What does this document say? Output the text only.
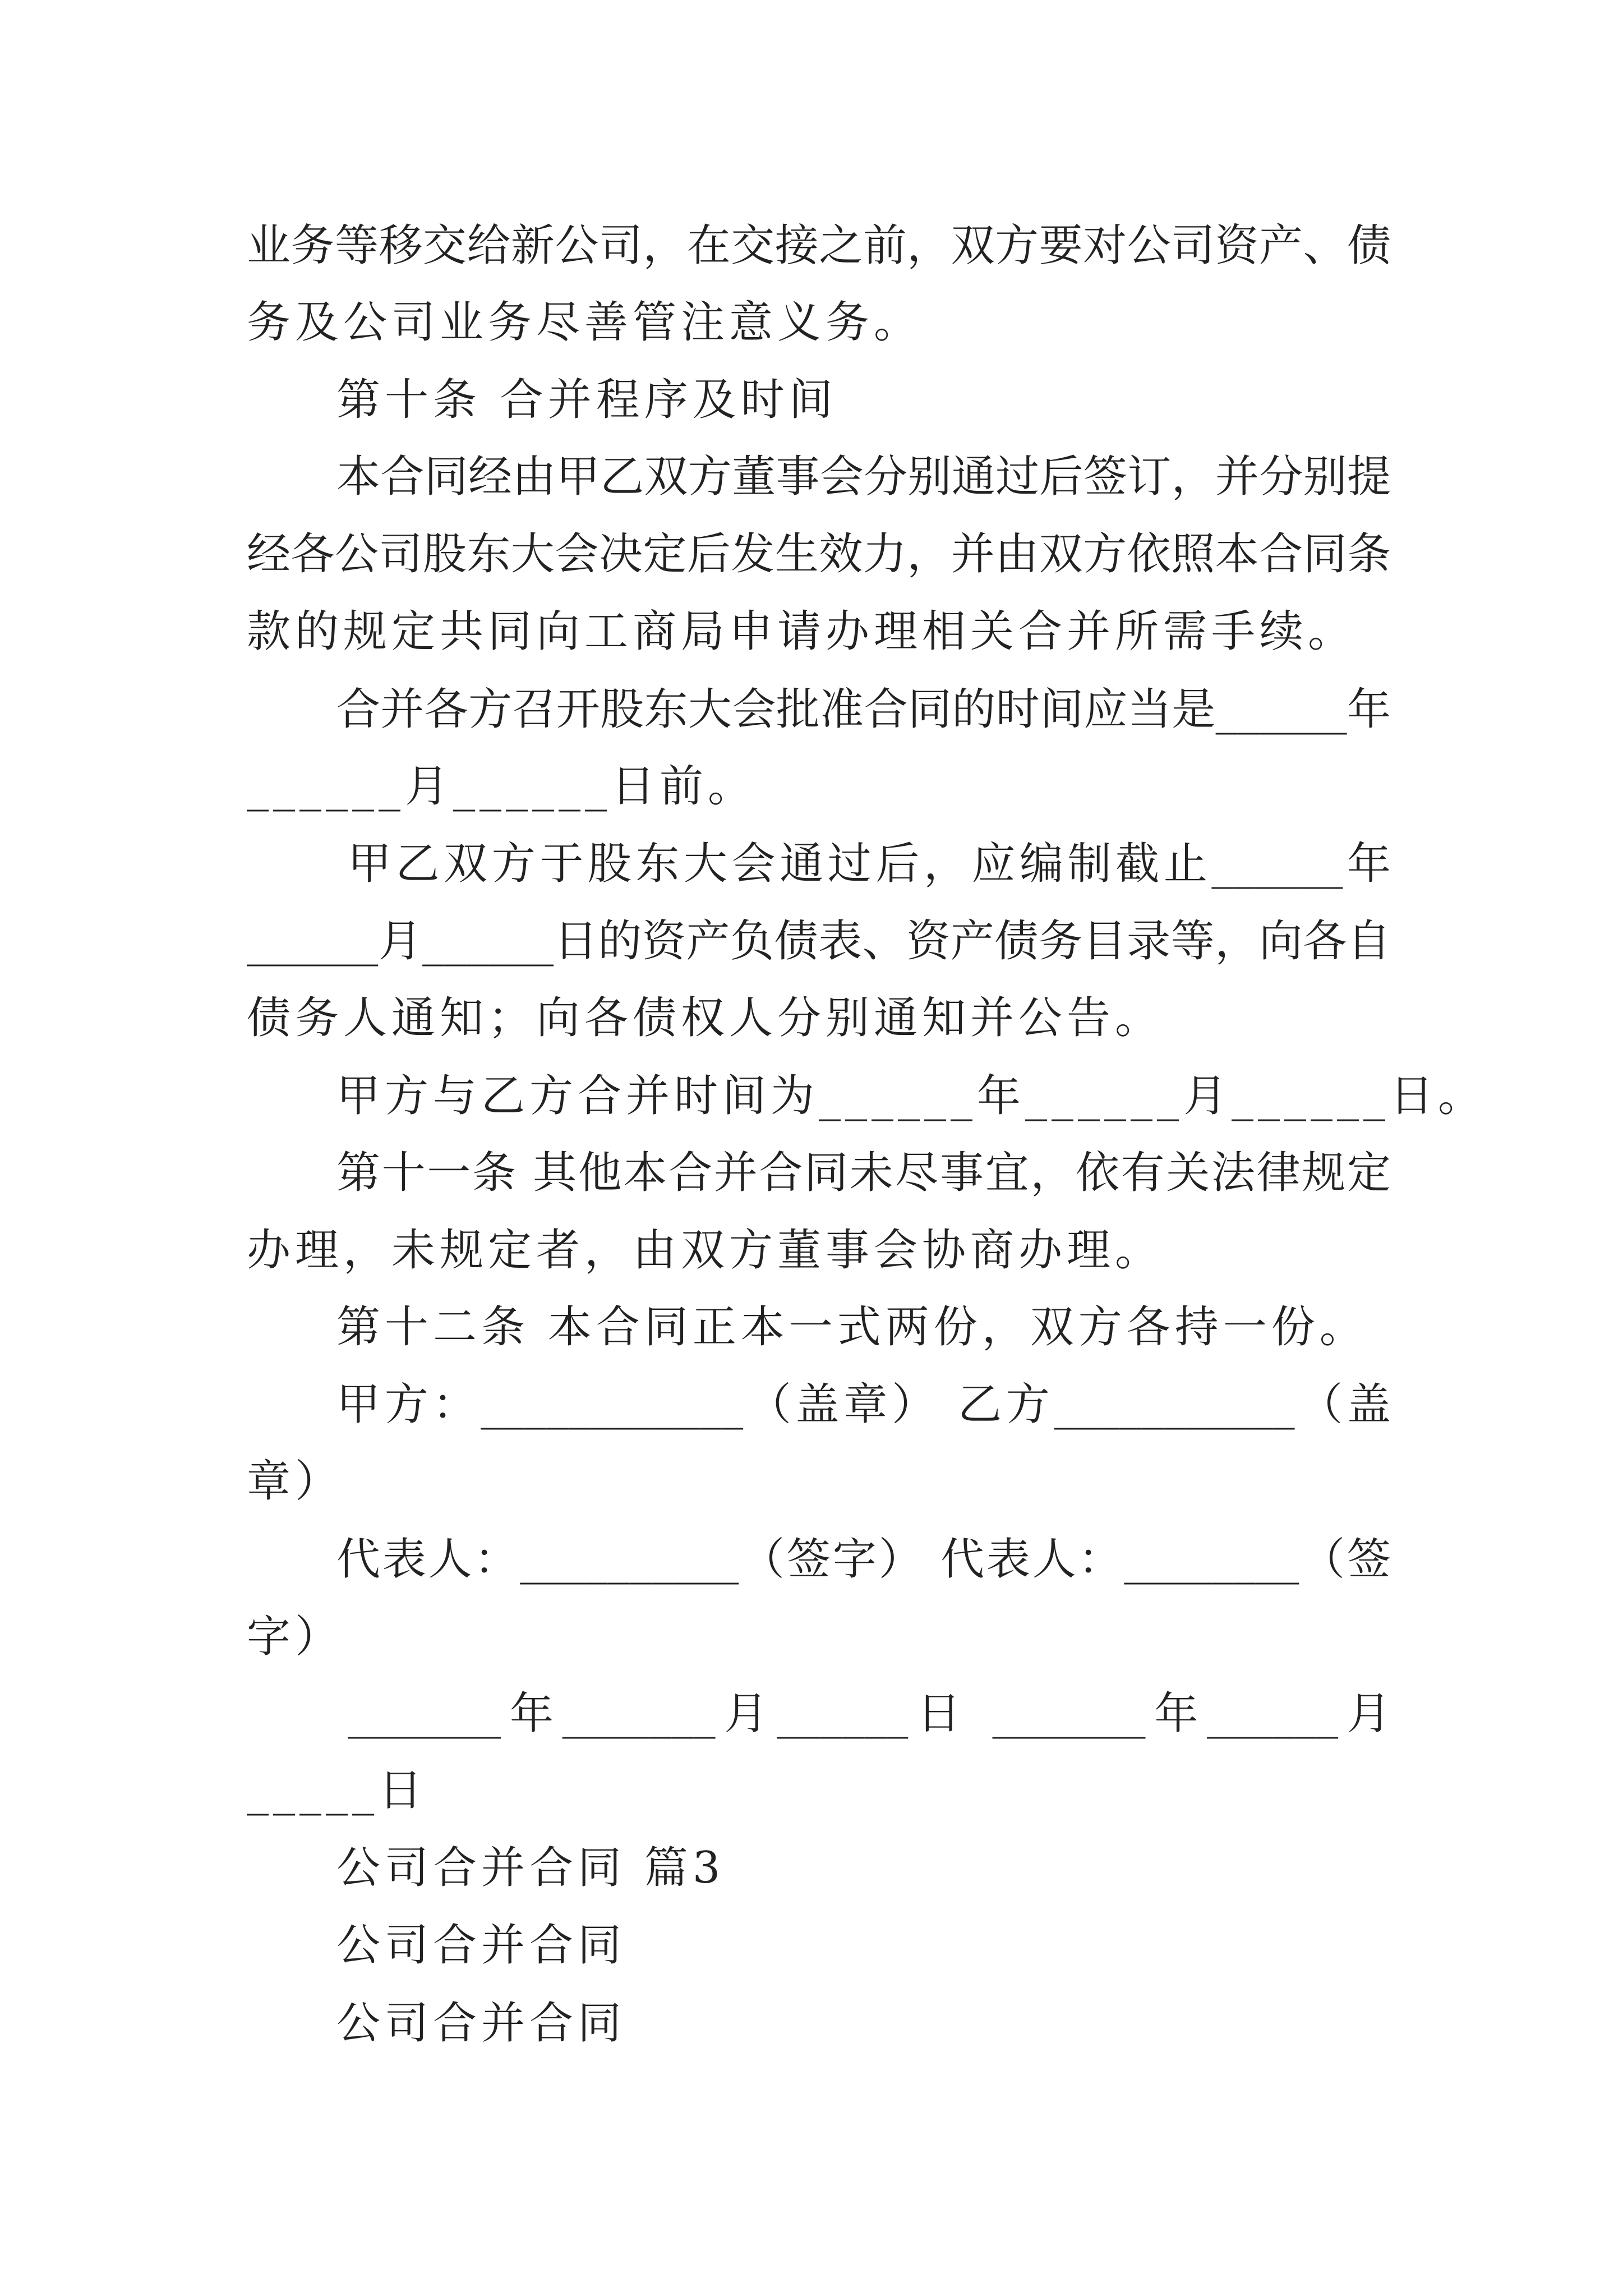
业务等移交给新公司，在交接之前，双方要对公司资产、债
务及公司业务尽善管注意义务。
第十条 合并程序及时间
本合同经由甲乙双方董事会分别通过后签订，并分别提
经各公司股东大会决定后发生效力，并由双方依照本合同条
款的规定共同向工商局申请办理相关合并所需手续。
合并各方召开股东大会批准合同的时间应当是______年
______月______日前。
甲乙双方于股东大会通过后，应编制截止______年
______月______日的资产负债表、资产债务目录等，向各自
债务人通知；向各债权人分别通知并公告。
甲方与乙方合并时间为______年______月______日。
第十一条 其他本合并合同未尽事宜，依有关法律规定
办理，未规定者，由双方董事会协商办理。
第十二条 本合同正本一式两份，双方各持一份。
甲方：____________（盖章） 乙方___________（盖
章）
代表人：__________（签字） 代表人：________（签
字）
_______年_______月______日 _______年______月
_____日
公司合并合同 篇3
公司合并合同
公司合并合同
